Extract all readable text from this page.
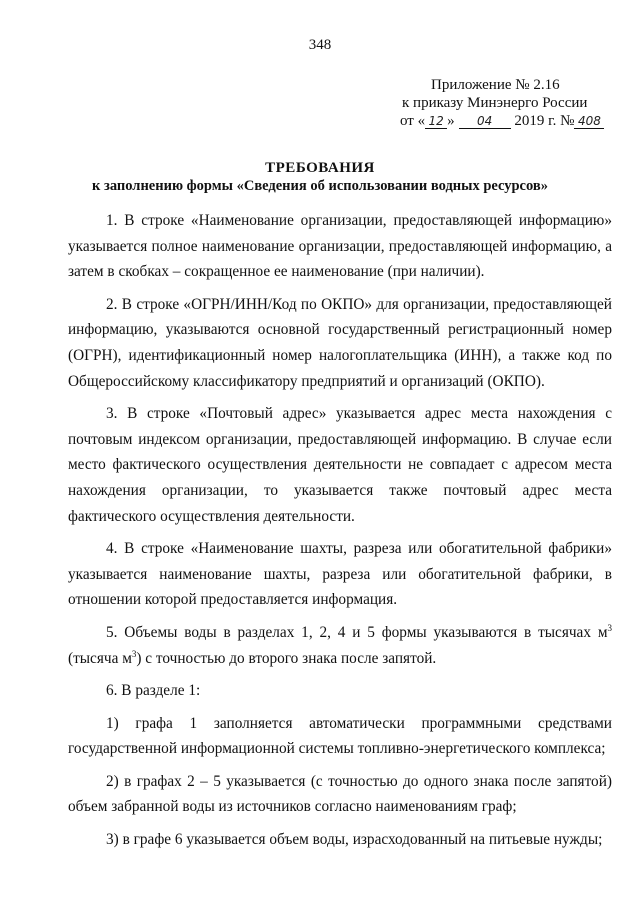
348
Приложение № 2.16
к приказу Минэнерго России
от « 12 » 04 2019 г. № 408
ТРЕБОВАНИЯ
к заполнению формы «Сведения об использовании водных ресурсов»

1. В строке «Наименование организации, предоставляющей информацию» указывается полное наименование организации, предоставляющей информацию, а затем в скобках – сокращенное ее наименование (при наличии).

2. В строке «ОГРН/ИНН/Код по ОКПО» для организации, предоставляющей информацию, указываются основной государственный регистрационный номер (ОГРН), идентификационный номер налогоплательщика (ИНН), а также код по Общероссийскому классификатору предприятий и организаций (ОКПО).

3. В строке «Почтовый адрес» указывается адрес места нахождения с почтовым индексом организации, предоставляющей информацию. В случае если место фактического осуществления деятельности не совпадает с адресом места нахождения организации, то указывается также почтовый адрес места фактического осуществления деятельности.

4. В строке «Наименование шахты, разреза или обогатительной фабрики» указывается наименование шахты, разреза или обогатительной фабрики, в отношении которой предоставляется информация.

5. Объемы воды в разделах 1, 2, 4 и 5 формы указываются в тысячах $м^3$ (тысяча $м^3$) с точностью до второго знака после запятой.

6. В разделе 1:

1) графа 1 заполняется автоматически программными средствами государственной информационной системы топливно-энергетического комплекса;

2) в графах 2 – 5 указывается (с точностью до одного знака после запятой) объем забранной воды из источников согласно наименованиям граф;

3) в графе 6 указывается объем воды, израсходованный на питьевые нужды;
